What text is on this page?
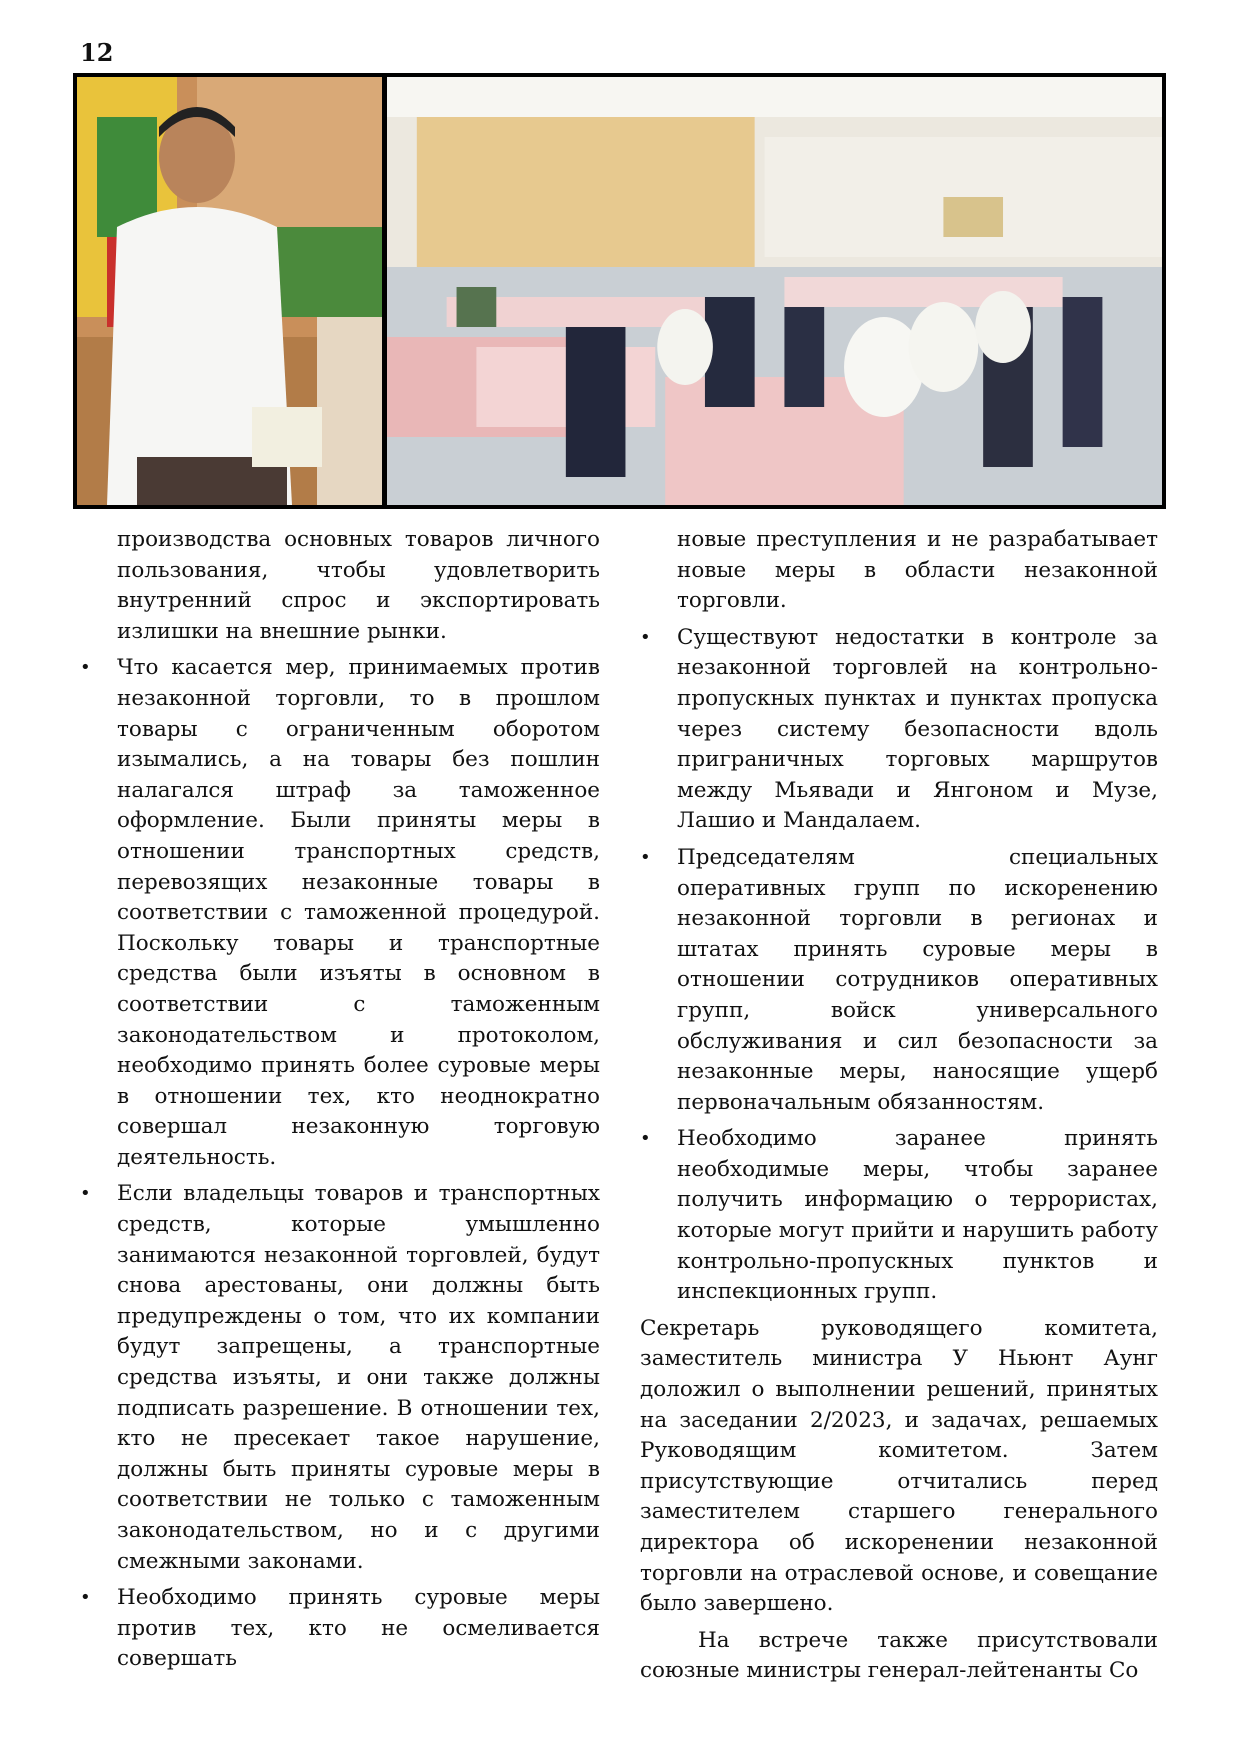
12

производства основных товаров личного пользования, чтобы удовлетворить внутренний спрос и экспортировать излишки на внешние рынки.

•	Что касается мер, принимаемых против незаконной торговли, то в прошлом товары с ограниченным оборотом изымались, а на товары без пошлин налагался штраф за таможенное оформление. Были приняты меры в отношении транспортных средств, перевозящих незаконные товары в соответствии с таможенной процедурой. Поскольку товары и транспортные средства были изъяты в основном в соответствии с таможенным законодательством и протоколом, необходимо принять более суровые меры в отношении тех, кто неоднократно совершал незаконную торговую деятельность.

•	Если владельцы товаров и транспортных средств, которые умышленно занимаются незаконной торговлей, будут снова арестованы, они должны быть предупреждены о том, что их компании будут запрещены, а транспортные средства изъяты, и они также должны подписать разрешение. В отношении тех, кто не пресекает такое нарушение, должны быть приняты суровые меры в соответствии не только с таможенным законодательством, но и с другими смежными законами.

•	Необходимо принять суровые меры против тех, кто не осмеливается совершать

новые преступления и не разрабатывает новые меры в области незаконной торговли.

•	Существуют недостатки в контроле за незаконной торговлей на контрольно-пропускных пунктах и пунктах пропуска через систему безопасности вдоль приграничных торговых маршрутов между Мьявади и Янгоном и Музе, Лашио и Мандалаем.

•	Председателям специальных оперативных групп по искоренению незаконной торговли в регионах и штатах принять суровые меры в отношении сотрудников оперативных групп, войск универсального обслуживания и сил безопасности за незаконные меры, наносящие ущерб первоначальным обязанностям.

•	Необходимо заранее принять необходимые меры, чтобы заранее получить информацию о террористах, которые могут прийти и нарушить работу контрольно-пропускных пунктов и инспекционных групп.

Секретарь руководящего комитета, заместитель министра У Ньюнт Аунг доложил о выполнении решений, принятых на заседании 2/2023, и задачах, решаемых Руководящим комитетом. Затем присутствующие отчитались перед заместителем старшего генерального директора об искоренении незаконной торговли на отраслевой основе, и совещание было завершено.

На встрече также присутствовали союзные министры генерал-лейтенанты Со
